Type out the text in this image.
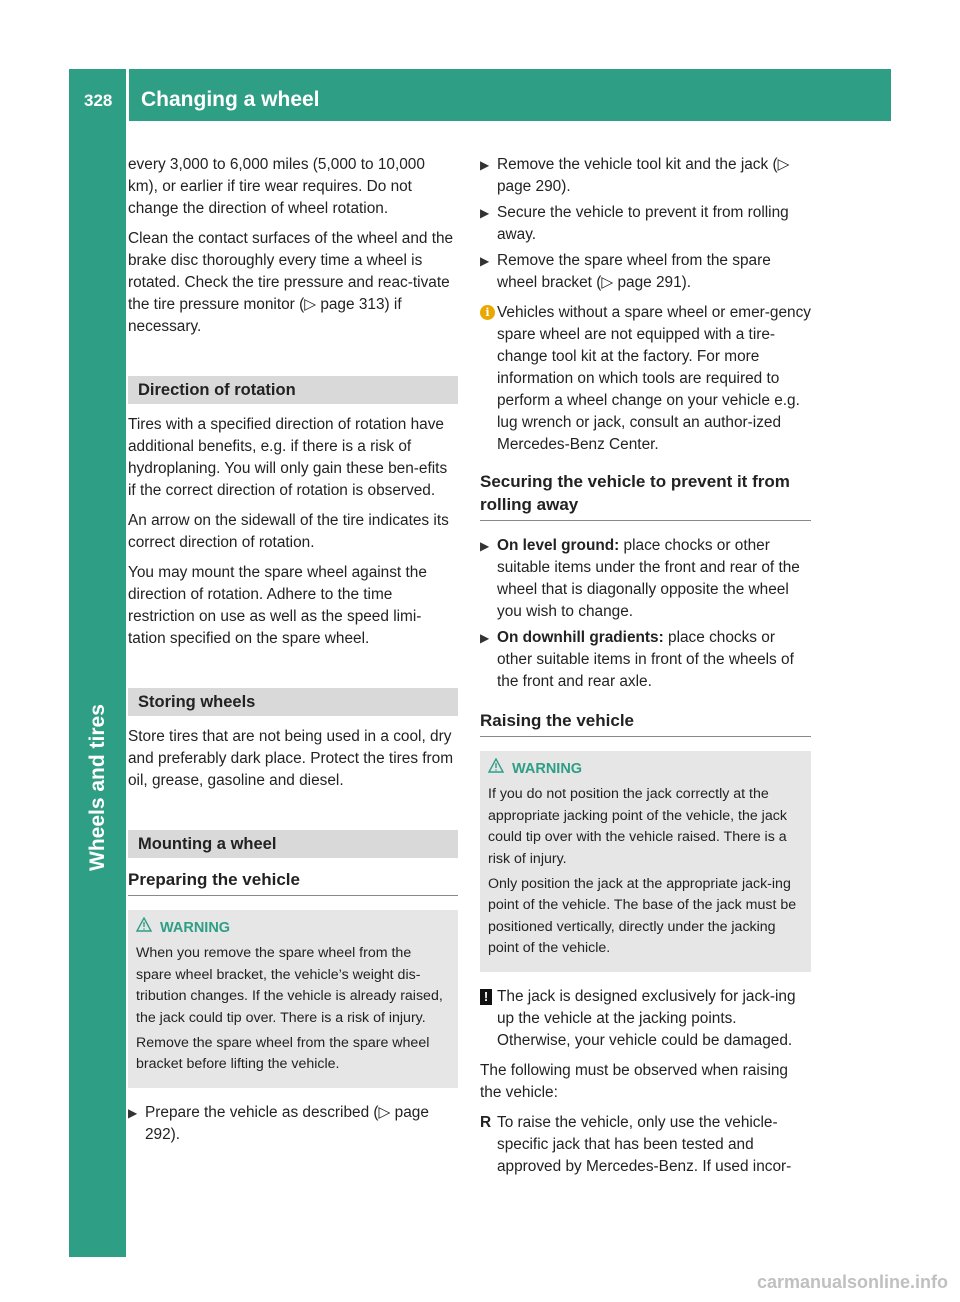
328 Changing a wheel
Wheels and tires

every 3,000 to 6,000 miles (5,000 to 10,000 km), or earlier if tire wear requires. Do not change the direction of wheel rotation.

Clean the contact surfaces of the wheel and the brake disc thoroughly every time a wheel is rotated. Check the tire pressure and reac-tivate the tire pressure monitor (▷ page 313) if necessary.

Direction of rotation

Tires with a specified direction of rotation have additional benefits, e.g. if there is a risk of hydroplaning. You will only gain these ben-efits if the correct direction of rotation is observed.

An arrow on the sidewall of the tire indicates its correct direction of rotation.

You may mount the spare wheel against the direction of rotation. Adhere to the time restriction on use as well as the speed limi-tation specified on the spare wheel.

Storing wheels

Store tires that are not being used in a cool, dry and preferably dark place. Protect the tires from oil, grease, gasoline and diesel.

Mounting a wheel
Preparing the vehicle
WARNING

When you remove the spare wheel from the spare wheel bracket, the vehicle’s weight dis-tribution changes. If the vehicle is already raised, the jack could tip over. There is a risk of injury.

Remove the spare wheel from the spare wheel bracket before lifting the vehicle.

▶ Prepare the vehicle as described (▷ page 292).
▶ Remove the vehicle tool kit and the jack (▷ page 290).
▶ Secure the vehicle to prevent it from rolling away.
▶ Remove the spare wheel from the spare wheel bracket (▷ page 291).
i Vehicles without a spare wheel or emer-gency spare wheel are not equipped with a tire-change tool kit at the factory. For more information on which tools are required to perform a wheel change on your vehicle e.g. lug wrench or jack, consult an author-ized Mercedes-Benz Center.
Securing the vehicle to prevent it from rolling away
▶ On level ground: place chocks or other suitable items under the front and rear of the wheel that is diagonally opposite the wheel you wish to change.
▶ On downhill gradients: place chocks or other suitable items in front of the wheels of the front and rear axle.
Raising the vehicle
WARNING

If you do not position the jack correctly at the appropriate jacking point of the vehicle, the jack could tip over with the vehicle raised. There is a risk of injury.

Only position the jack at the appropriate jack-ing point of the vehicle. The base of the jack must be positioned vertically, directly under the jacking point of the vehicle.

! The jack is designed exclusively for jack-ing up the vehicle at the jacking points. Otherwise, your vehicle could be damaged.

The following must be observed when raising the vehicle:

R To raise the vehicle, only use the vehicle-specific jack that has been tested and approved by Mercedes-Benz. If used incor-
carmanualsonline.info
